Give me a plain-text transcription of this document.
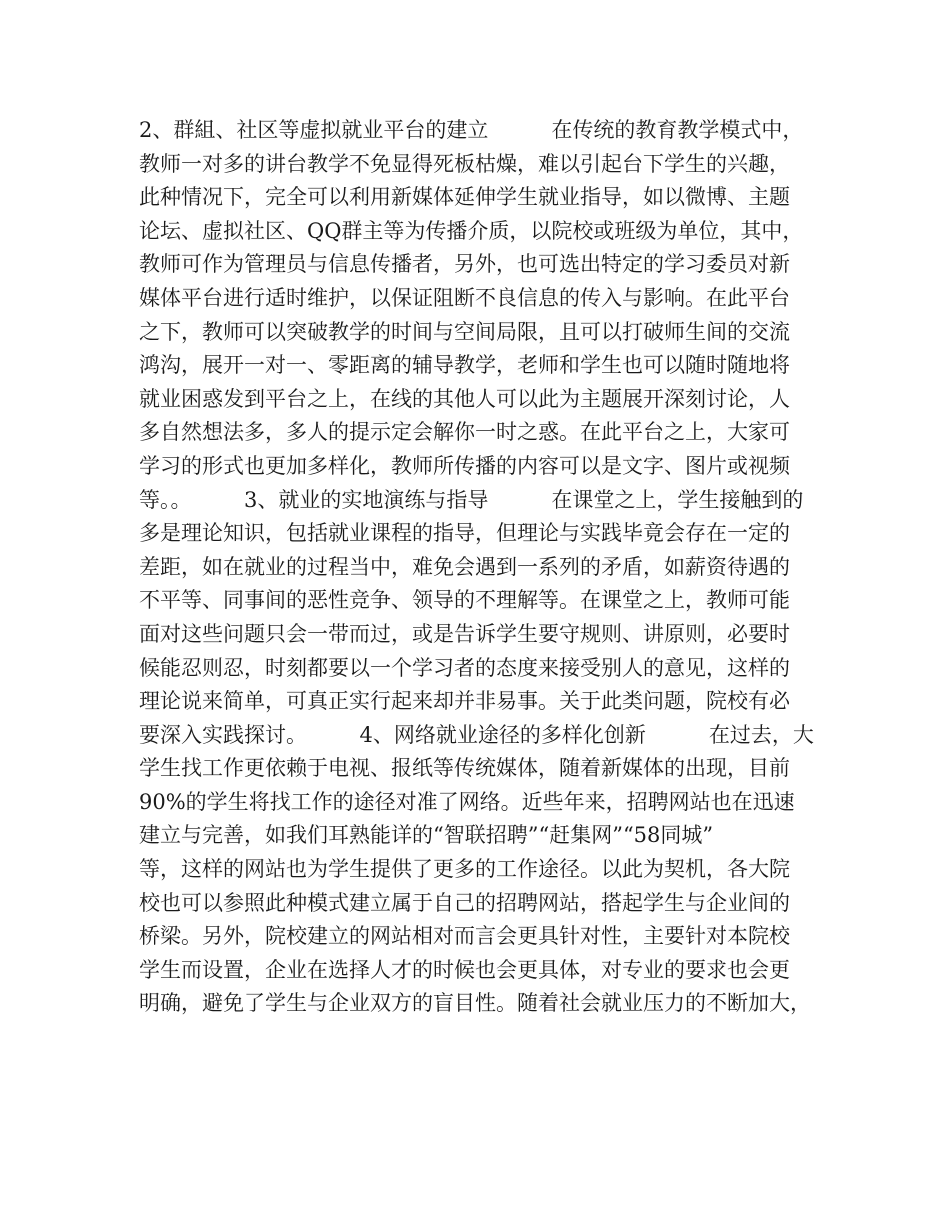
2、群組、社区等虚拟就业平台的建立　　　在传统的教育教学模式中，
教师一对多的讲台教学不免显得死板枯燥，难以引起台下学生的兴趣，
此种情况下，完全可以利用新媒体延伸学生就业指导，如以微博、主题
论坛、虚拟社区、QQ群主等为传播介质，以院校或班级为单位，其中，
教师可作为管理员与信息传播者，另外，也可选出特定的学习委员对新
媒体平台进行适时维护，以保证阻断不良信息的传入与影响。在此平台
之下，教师可以突破教学的时间与空间局限，且可以打破师生间的交流
鸿沟，展开一对一、零距离的辅导教学，老师和学生也可以随时随地将
就业困惑发到平台之上，在线的其他人可以此为主题展开深刻讨论，人
多自然想法多，多人的提示定会解你一时之惑。在此平台之上，大家可
学习的形式也更加多样化，教师所传播的内容可以是文字、图片或视频
等。。　　　3、就业的实地演练与指导　　　在课堂之上，学生接触到的
多是理论知识，包括就业课程的指导，但理论与实践毕竟会存在一定的
差距，如在就业的过程当中，难免会遇到一系列的矛盾，如薪资待遇的
不平等、同事间的恶性竞争、领导的不理解等。在课堂之上，教师可能
面对这些问题只会一带而过，或是告诉学生要守规则、讲原则，必要时
候能忍则忍，时刻都要以一个学习者的态度来接受别人的意见，这样的
理论说来简单，可真正实行起来却并非易事。关于此类问题，院校有必
要深入实践探讨。　　　4、网络就业途径的多样化创新　　　在过去，大
学生找工作更依赖于电视、报纸等传统媒体，随着新媒体的出现，目前
90%的学生将找工作的途径对准了网络。近些年来，招聘网站也在迅速
建立与完善，如我们耳熟能详的“智联招聘”“赶集网”“58同城”
等，这样的网站也为学生提供了更多的工作途径。以此为契机，各大院
校也可以参照此种模式建立属于自己的招聘网站，搭起学生与企业间的
桥梁。另外，院校建立的网站相对而言会更具针对性，主要针对本院校
学生而设置，企业在选择人才的时候也会更具体，对专业的要求也会更
明确，避免了学生与企业双方的盲目性。随着社会就业压力的不断加大，
